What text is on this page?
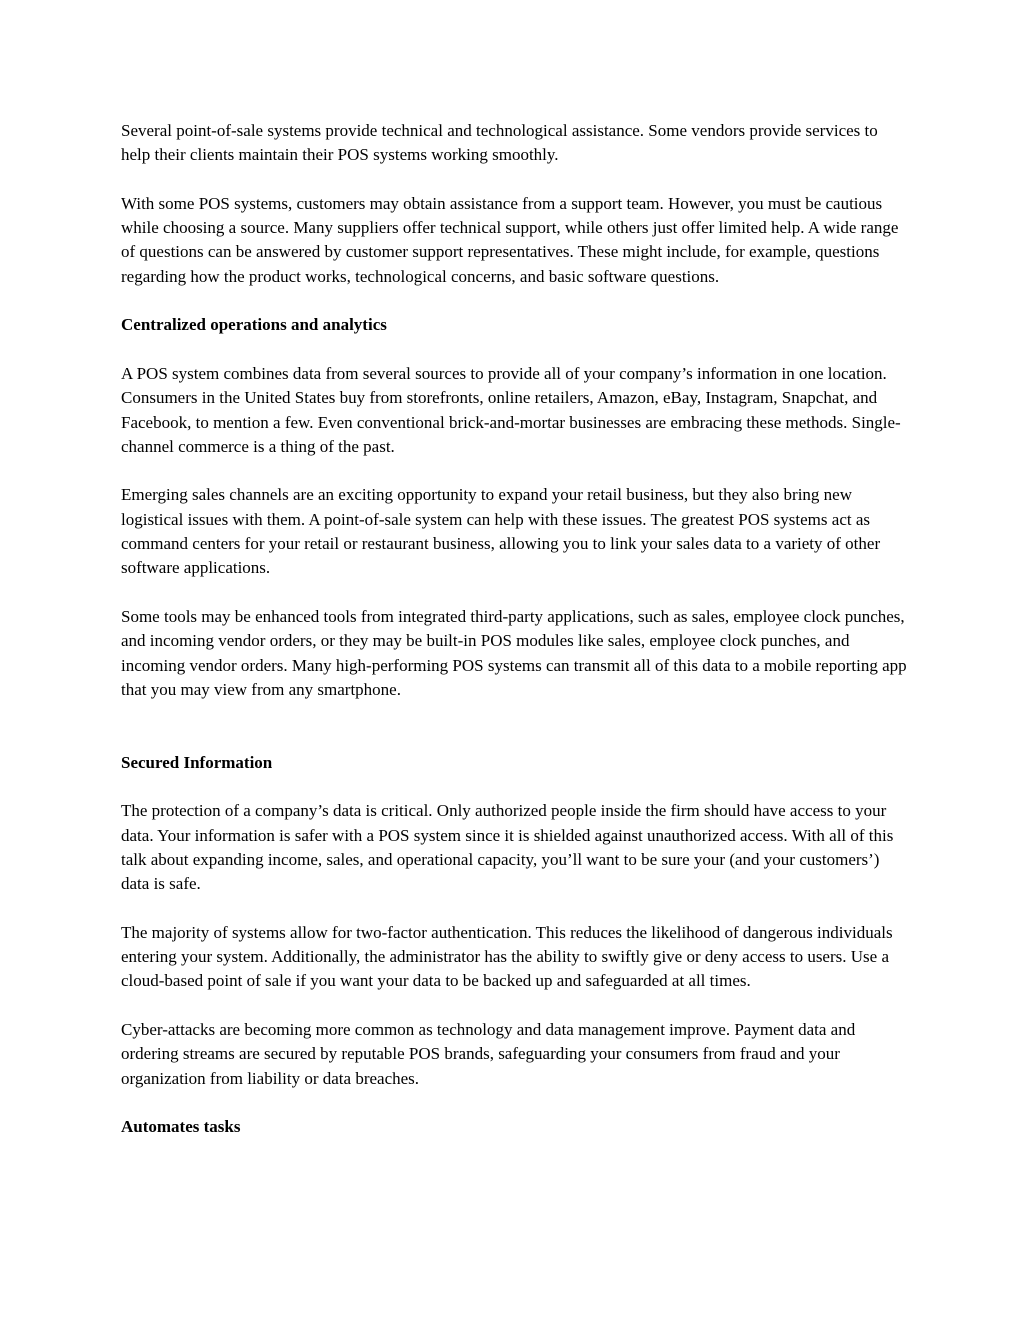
Several point-of-sale systems provide technical and technological assistance. Some vendors provide services to help their clients maintain their POS systems working smoothly.

With some POS systems, customers may obtain assistance from a support team. However, you must be cautious while choosing a source. Many suppliers offer technical support, while others just offer limited help. A wide range of questions can be answered by customer support representatives. These might include, for example, questions regarding how the product works, technological concerns, and basic software questions.

Centralized operations and analytics

A POS system combines data from several sources to provide all of your company’s information in one location. Consumers in the United States buy from storefronts, online retailers, Amazon, eBay, Instagram, Snapchat, and Facebook, to mention a few. Even conventional brick-and-mortar businesses are embracing these methods. Single-channel commerce is a thing of the past.

Emerging sales channels are an exciting opportunity to expand your retail business, but they also bring new logistical issues with them. A point-of-sale system can help with these issues. The greatest POS systems act as command centers for your retail or restaurant business, allowing you to link your sales data to a variety of other software applications.

Some tools may be enhanced tools from integrated third-party applications, such as sales, employee clock punches, and incoming vendor orders, or they may be built-in POS modules like sales, employee clock punches, and incoming vendor orders. Many high-performing POS systems can transmit all of this data to a mobile reporting app that you may view from any smartphone.

Secured Information

The protection of a company’s data is critical. Only authorized people inside the firm should have access to your data. Your information is safer with a POS system since it is shielded against unauthorized access. With all of this talk about expanding income, sales, and operational capacity, you’ll want to be sure your (and your customers’) data is safe.

The majority of systems allow for two-factor authentication. This reduces the likelihood of dangerous individuals entering your system. Additionally, the administrator has the ability to swiftly give or deny access to users. Use a cloud-based point of sale if you want your data to be backed up and safeguarded at all times.

Cyber-attacks are becoming more common as technology and data management improve. Payment data and ordering streams are secured by reputable POS brands, safeguarding your consumers from fraud and your organization from liability or data breaches.

Automates tasks
